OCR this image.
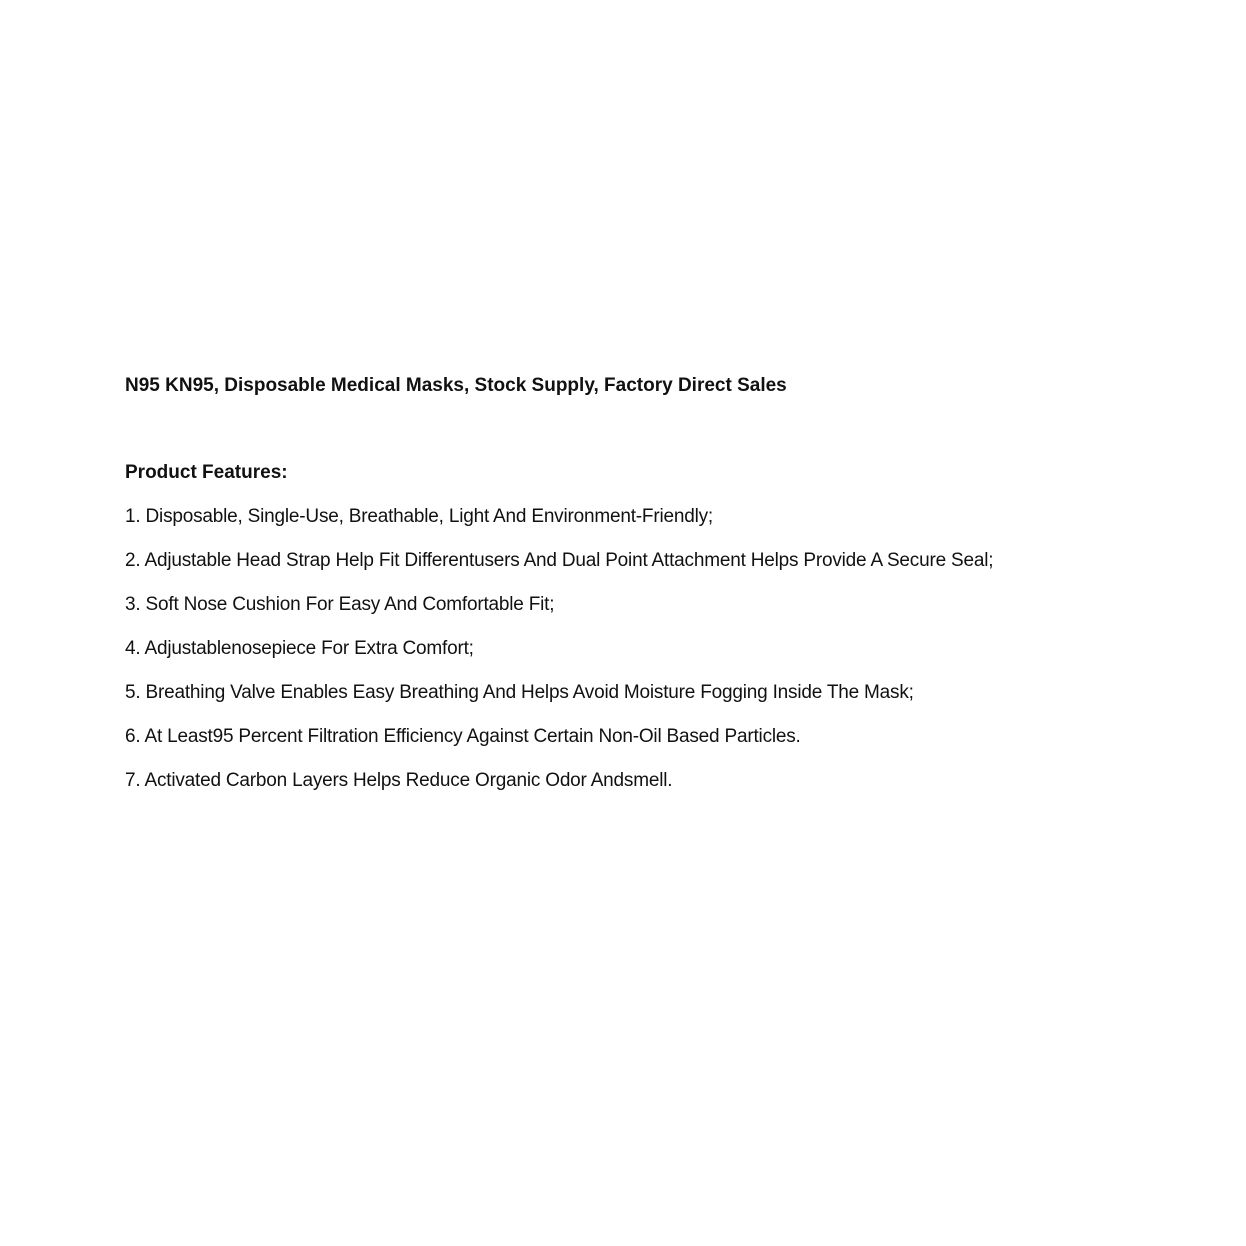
N95 KN95, Disposable Medical Masks, Stock Supply, Factory Direct Sales
Product Features:
1. Disposable, Single-Use, Breathable, Light And Environment-Friendly;
2. Adjustable Head Strap Help Fit Differentusers And Dual Point Attachment Helps Provide A Secure Seal;
3. Soft Nose Cushion For Easy And Comfortable Fit;
4. Adjustablenosepiece For Extra Comfort;
5. Breathing Valve Enables Easy Breathing And Helps Avoid Moisture Fogging Inside The Mask;
6. At Least95 Percent Filtration Efficiency Against Certain Non-Oil Based Particles.
7. Activated Carbon Layers Helps Reduce Organic Odor Andsmell.
